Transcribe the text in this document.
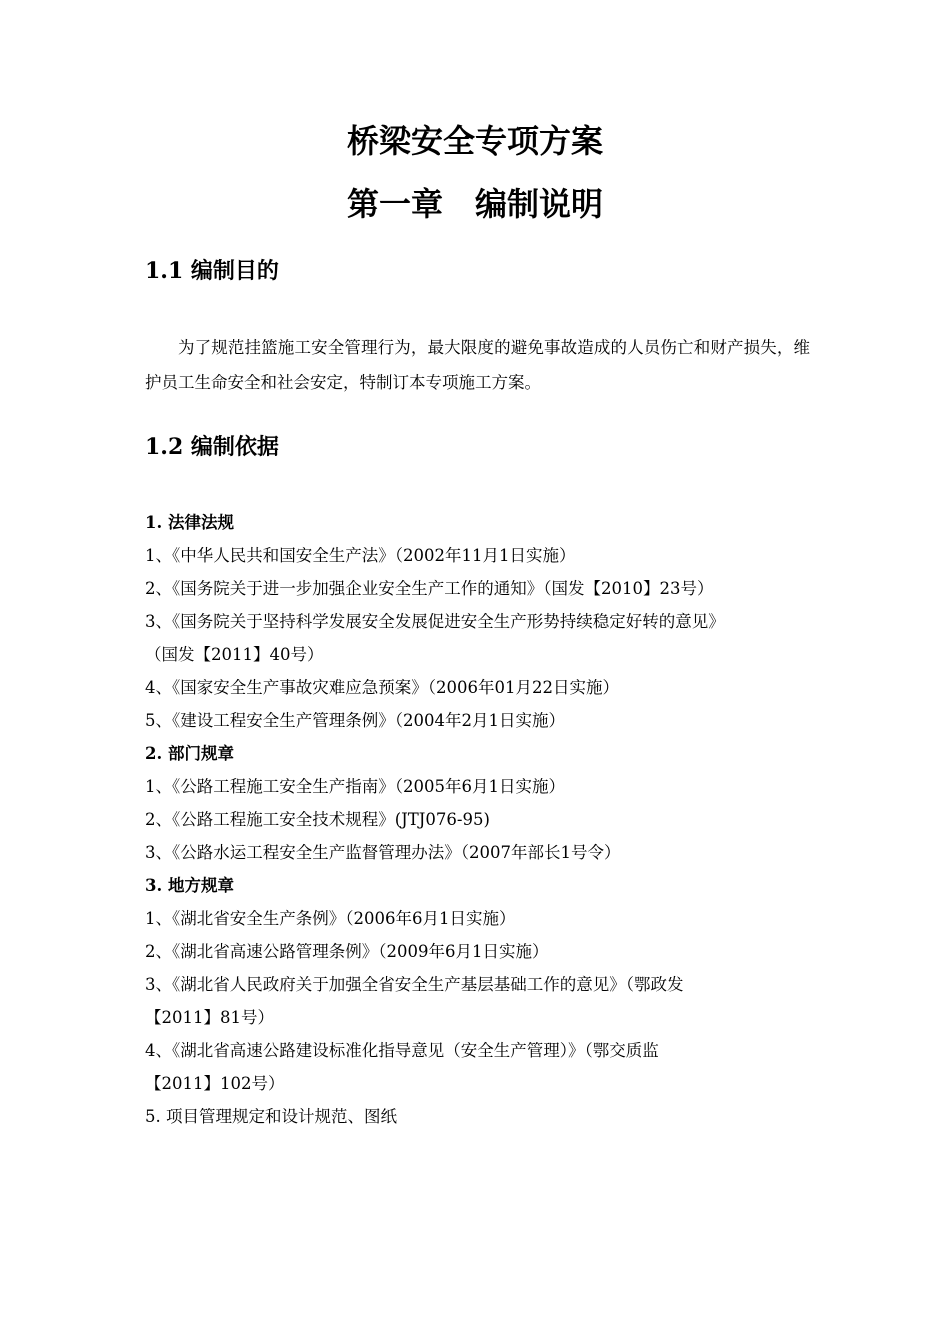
桥梁安全专项方案
第一章　编制说明
1.1 编制目的

为了规范挂篮施工安全管理行为，最大限度的避免事故造成的人员伤亡和财产损失，维护员工生命安全和社会安定，特制订本专项施工方案。

1.2 编制依据
1. 法律法规
1、《中华人民共和国安全生产法》（2002年11月1日实施）
2、《国务院关于进一步加强企业安全生产工作的通知》（国发【2010】23号）
3、《国务院关于坚持科学发展安全发展促进安全生产形势持续稳定好转的意见》
（国发【2011】40号）
4、《国家安全生产事故灾难应急预案》（2006年01月22日实施）
5、《建设工程安全生产管理条例》（2004年2月1日实施）
2. 部门规章
1、《公路工程施工安全生产指南》（2005年6月1日实施）
2、《公路工程施工安全技术规程》(JTJ076-95)
3、《公路水运工程安全生产监督管理办法》（2007年部长1号令）
3. 地方规章
1、《湖北省安全生产条例》（2006年6月1日实施）
2、《湖北省高速公路管理条例》（2009年6月1日实施）
3、《湖北省人民政府关于加强全省安全生产基层基础工作的意见》（鄂政发
【2011】81号）
4、《湖北省高速公路建设标准化指导意见（安全生产管理）》（鄂交质监
【2011】102号）
5. 项目管理规定和设计规范、图纸
